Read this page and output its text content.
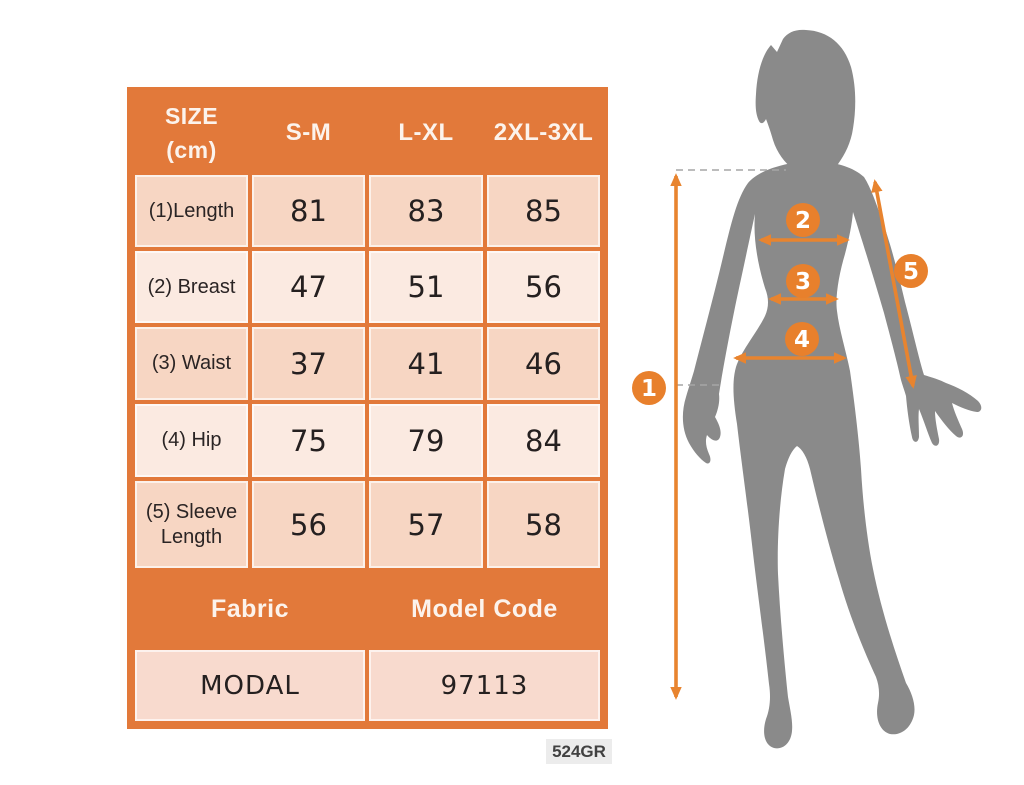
SIZE
(cm)
S-M	L-XL	2XL-3XL
(1)Length	81	83	85
(2) Breast	47	51	56
(3) Waist	37	41	46
(4) Hip	75	79	84
(5) Sleeve Length	56	57	58
Fabric	Model Code
MODAL	97113
524GR
1
2
3
4
5
